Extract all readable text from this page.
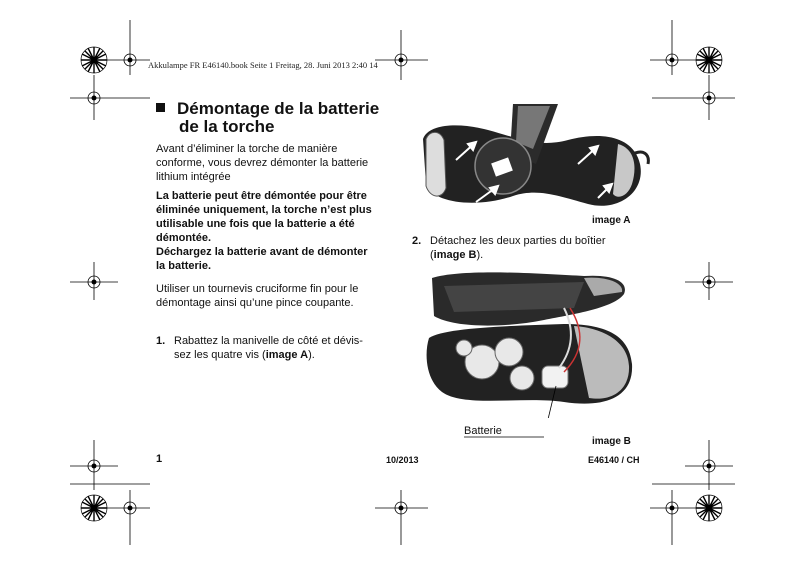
Akkulampe FR E46140.book Seite 1 Freitag, 28. Juni 2013 2:40 14
Démontage de la batterie
de la torche
Avant d’éliminer la torche de manière
conforme, vous devrez démonter la batterie
lithium intégrée
La batterie peut être démontée pour être
éliminée uniquement, la torche n’est plus
utilisable une fois que la batterie a été
démontée.
Déchargez la batterie avant de démonter
la batterie.
Utiliser un tournevis cruciforme fin pour le
démontage ainsi qu’une pince coupante.
1. Rabattez la manivelle de côté et dévis-
sez les quatre vis (image A).
image A
2. Détachez les deux parties du boîtier
(image B).
Batterie
image B
1	10/2013	E46140 / CH
